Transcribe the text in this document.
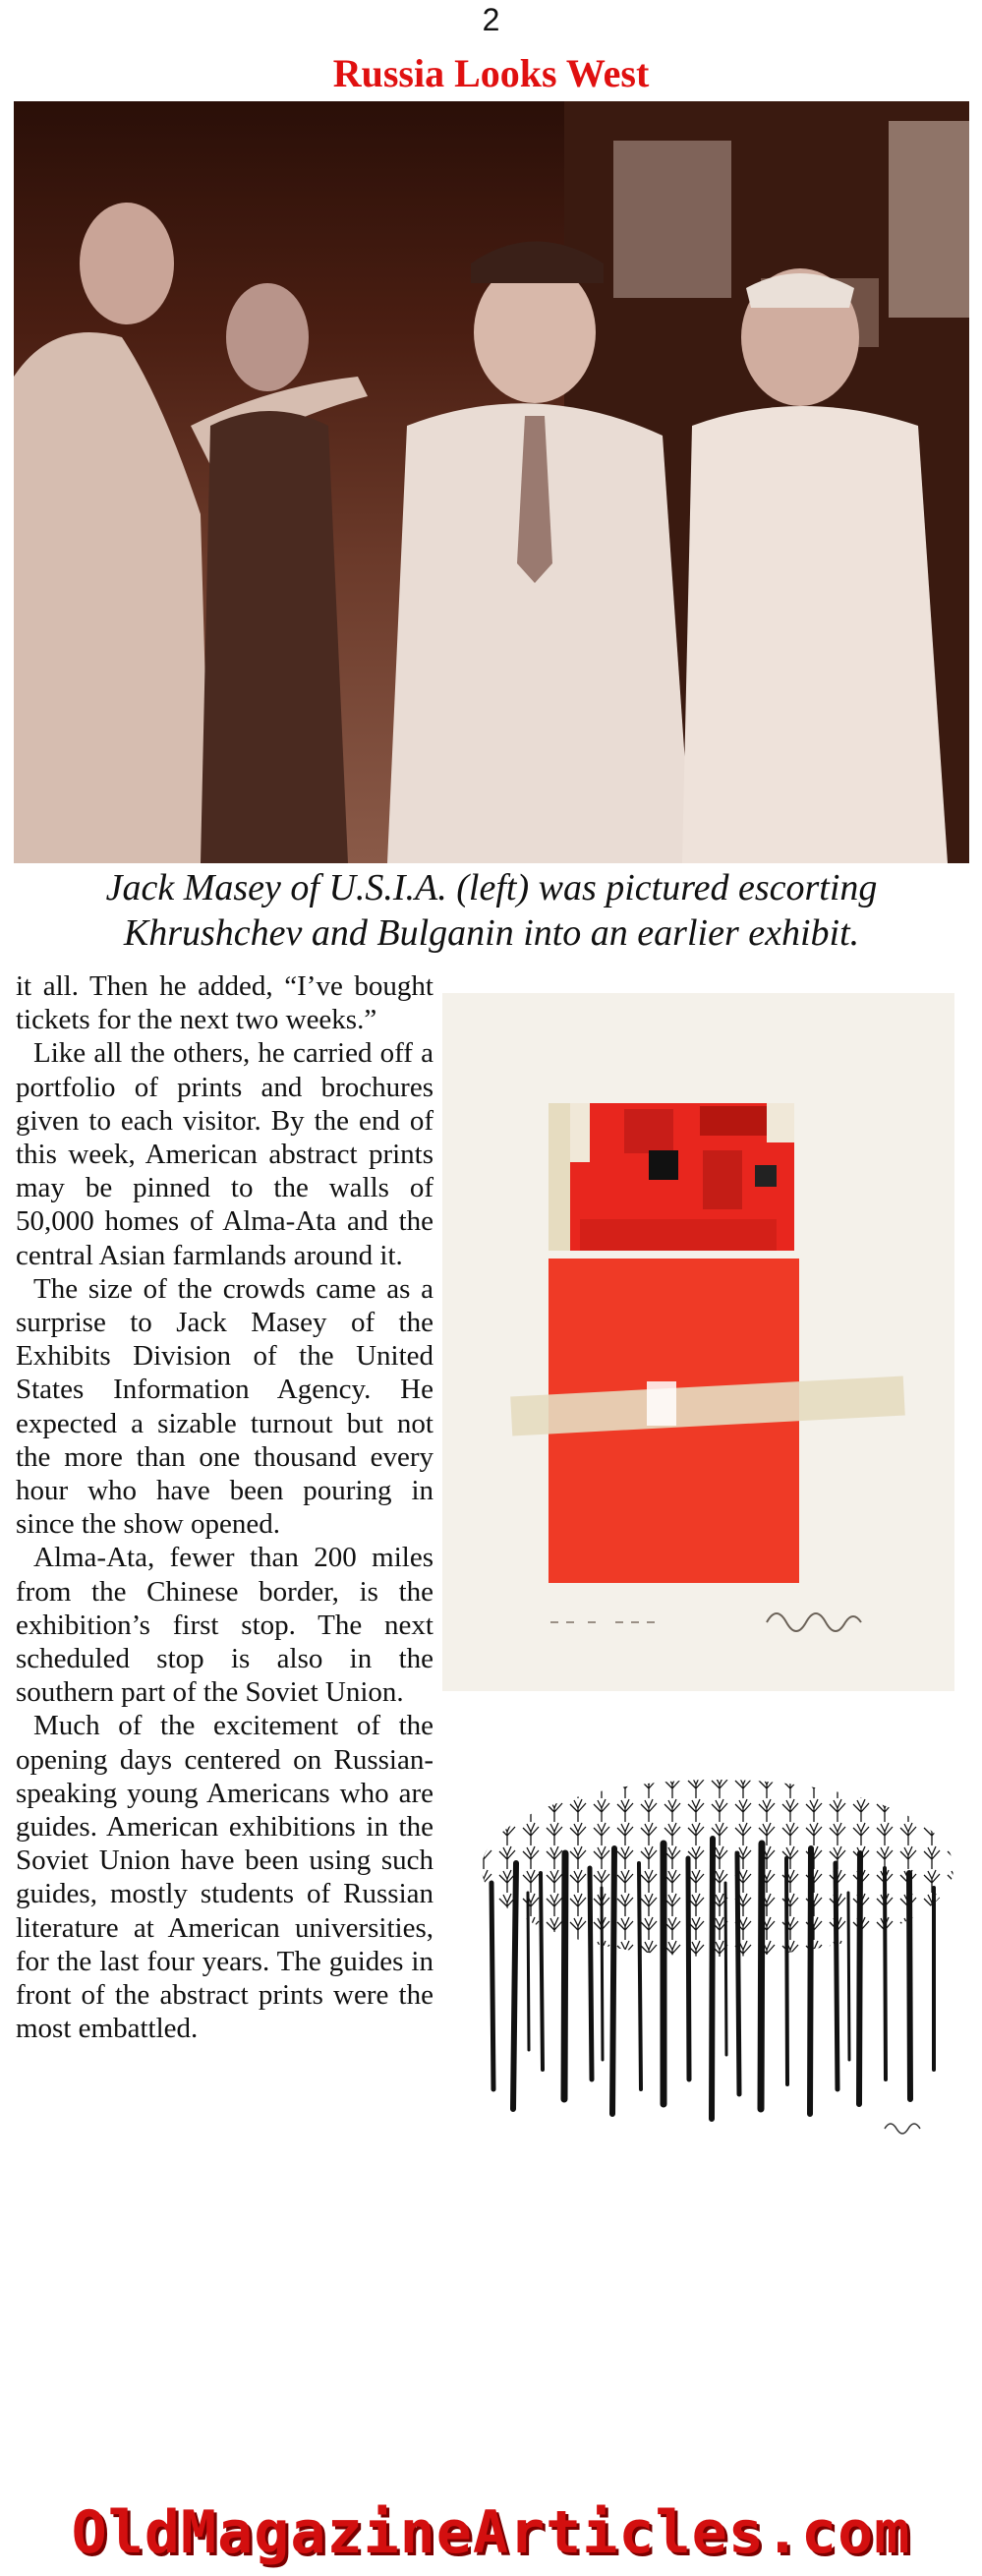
2
Russia Looks West
Jack Masey of U.S.I.A. (left) was pictured escorting
Khrushchev and Bulganin into an earlier exhibit.

it all. Then he added, “I’ve bought tickets for the next two weeks.”

Like all the others, he carried off a portfolio of prints and brochures given to each visitor. By the end of this week, American abstract prints may be pinned to the walls of 50,000 homes of Alma-Ata and the central Asian farmlands around it.

The size of the crowds came as a surprise to Jack Masey of the Exhibits Division of the United States Information Agency. He expected a sizable turnout but not the more than one thousand every hour who have been pouring in since the show opened.

Alma-Ata, fewer than 200 miles from the Chinese border, is the exhibition’s first stop. The next scheduled stop is also in the southern part of the Soviet Union.

Much of the excitement of the opening days centered on Russian-speaking young Americans who are guides. American exhibitions in the Soviet Union have been using such guides, mostly students of Russian literature at American universities, for the last four years. The guides in front of the abstract prints were the most embattled.

OldMagazineArticles.com
